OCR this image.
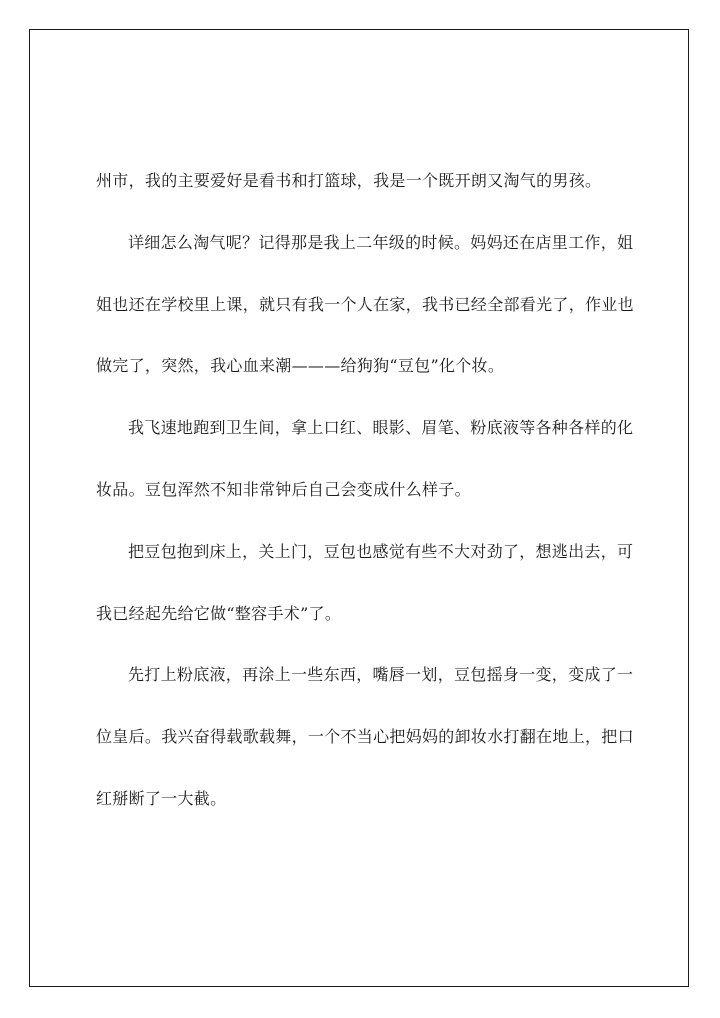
州市，我的主要爱好是看书和打篮球，我是一个既开朗又淘气的男孩。

详细怎么淘气呢？记得那是我上二年级的时候。妈妈还在店里工作，姐姐也还在学校里上课，就只有我一个人在家，我书已经全部看光了，作业也做完了，突然，我心血来潮———给狗狗“豆包”化个妆。

我飞速地跑到卫生间，拿上口红、眼影、眉笔、粉底液等各种各样的化妆品。豆包浑然不知非常钟后自己会变成什么样子。

把豆包抱到床上，关上门，豆包也感觉有些不大对劲了，想逃出去，可我已经起先给它做“整容手术”了。

先打上粉底液，再涂上一些东西，嘴唇一划，豆包摇身一变，变成了一位皇后。我兴奋得载歌载舞，一个不当心把妈妈的卸妆水打翻在地上，把口红掰断了一大截。
